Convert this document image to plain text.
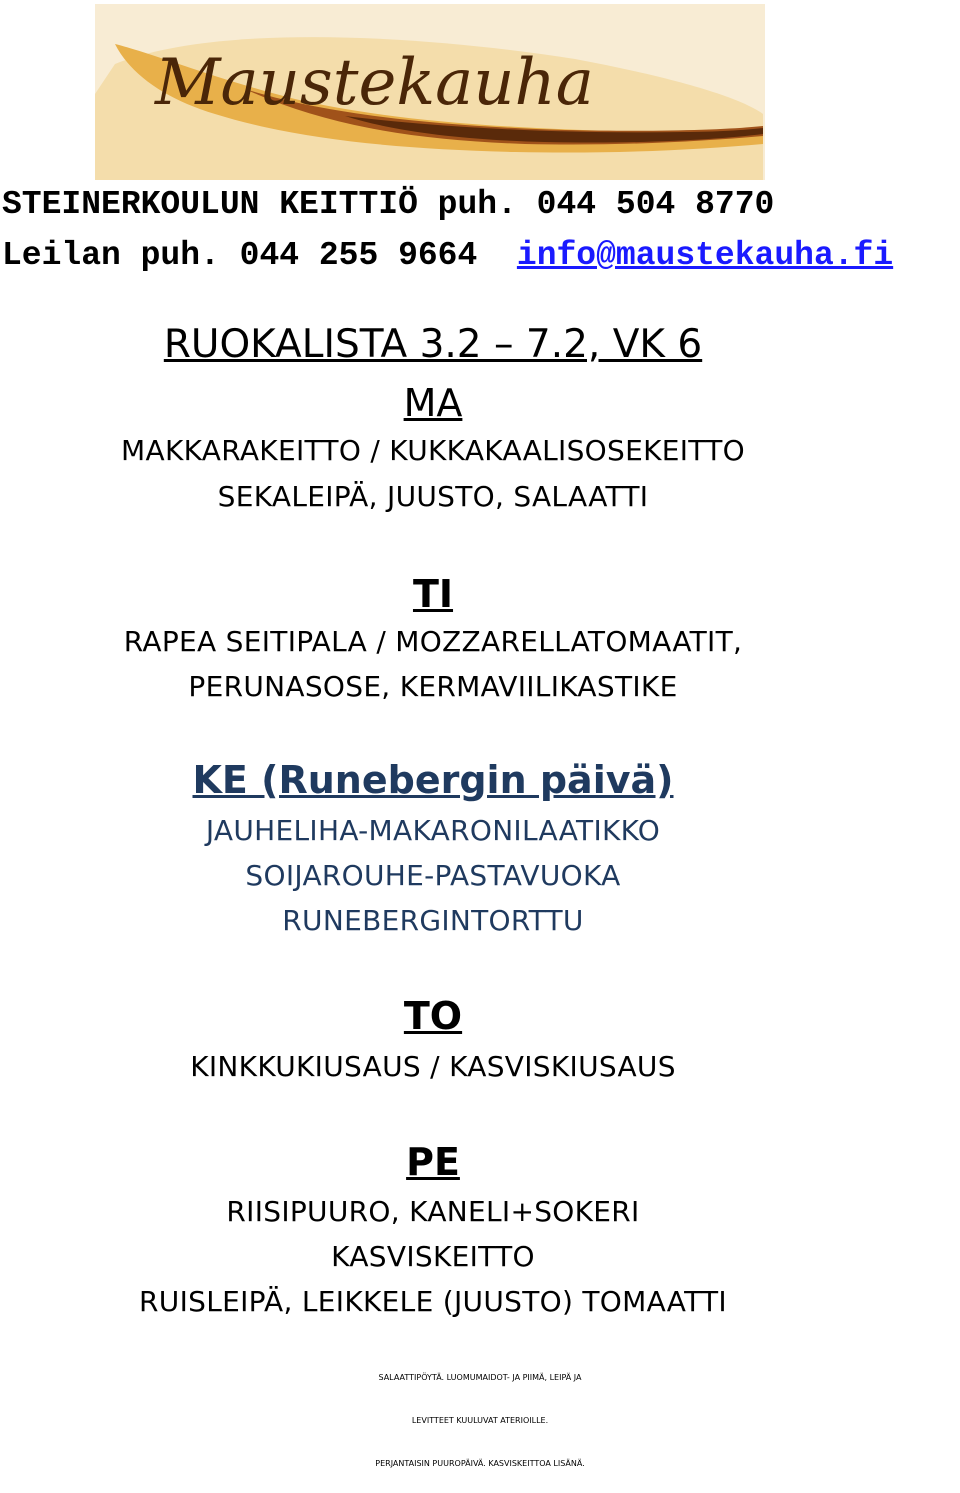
Maustekauha
STEINERKOULUN KEITTIÖ puh. 044 504 8770
Leilan puh. 044 255 9664 info@maustekauha.fi
RUOKALISTA 3.2 – 7.2, VK 6
MA
MAKKARAKEITTO / KUKKAKAALISOSEKEITTO
SEKALEIPÄ, JUUSTO, SALAATTI
TI
RAPEA SEITIPALA / MOZZARELLATOMAATIT,
PERUNASOSE, KERMAVIILIKASTIKE
KE (Runebergin päivä)
JAUHELIHA-MAKARONILAATIKKO
SOIJAROUHE-PASTAVUOKA
RUNEBERGINTORTTU
TO
KINKKUKIUSAUS / KASVISKIUSAUS
PE
RIISIPUURO, KANELI+SOKERI
KASVISKEITTO
RUISLEIPÄ, LEIKKELE (JUUSTO) TOMAATTI
SALAATTIPÖYTÄ. LUOMUMAIDOT- JA PIIMÄ, LEIPÄ JA
LEVITTEET KUULUVAT ATERIOILLE.
PERJANTAISIN PUUROPÄIVÄ. KASVISKEITTOA LISÄNÄ.
